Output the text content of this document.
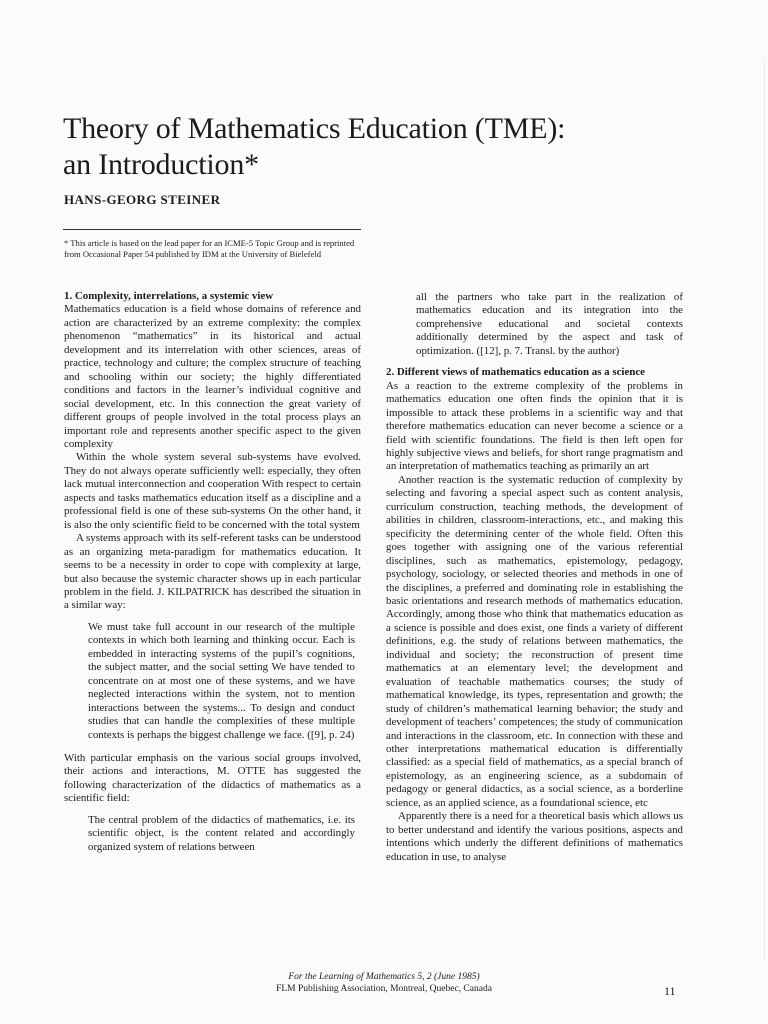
Theory of Mathematics Education (TME):
an Introduction*
HANS-GEORG STEINER
* This article is based on the lead paper for an ICME-5 Topic Group and is reprinted from Occasional Paper 54 published by IDM at the University of Bielefeld
1. Complexity, interrelations, a systemic view

Mathematics education is a field whose domains of reference and action are characterized by an extreme complexity: the complex phenomenon “mathematics” in its historical and actual development and its interrelation with other sciences, areas of practice, technology and culture; the complex structure of teaching and schooling within our society; the highly differentiated conditions and factors in the learner’s individual cognitive and social development, etc. In this connection the great variety of different groups of people involved in the total process plays an important role and represents another specific aspect to the given complexity

Within the whole system several sub-systems have evolved. They do not always operate sufficiently well: especially, they often lack mutual interconnection and cooperation With respect to certain aspects and tasks mathematics education itself as a discipline and a professional field is one of these sub-systems On the other hand, it is also the only scientific field to be concerned with the total system

A systems approach with its self-referent tasks can be understood as an organizing meta-paradigm for mathematics education. It seems to be a necessity in order to cope with complexity at large, but also because the systemic character shows up in each particular problem in the field. J. KILPATRICK has described the situation in a similar way:

We must take full account in our research of the multiple contexts in which both learning and thinking occur. Each is embedded in interacting systems of the pupil’s cognitions, the subject matter, and the social setting We have tended to concentrate on at most one of these systems, and we have neglected interactions within the system, not to mention interactions between the systems... To design and conduct studies that can handle the complexities of these multiple contexts is perhaps the biggest challenge we face. ([9], p. 24)

With particular emphasis on the various social groups involved, their actions and interactions, M. OTTE has suggested the following characterization of the didactics of mathematics as a scientific field:

The central problem of the didactics of mathematics, i.e. its scientific object, is the content related and accordingly organized system of relations between

all the partners who take part in the realization of mathematics education and its integration into the comprehensive educational and societal contexts additionally determined by the aspect and task of optimization. ([12], p. 7. Transl. by the author)

2. Different views of mathematics education as a science

As a reaction to the extreme complexity of the problems in mathematics education one often finds the opinion that it is impossible to attack these problems in a scientific way and that therefore mathematics education can never become a science or a field with scientific foundations. The field is then left open for highly subjective views and beliefs, for short range pragmatism and an interpretation of mathematics teaching as primarily an art

Another reaction is the systematic reduction of complexity by selecting and favoring a special aspect such as content analysis, curriculum construction, teaching methods, the development of abilities in children, classroom-interactions, etc., and making this specificity the determining center of the whole field. Often this goes together with assigning one of the various referential disciplines, such as mathematics, epistemology, pedagogy, psychology, sociology, or selected theories and methods in one of the disciplines, a preferred and dominating role in establishing the basic orientations and research methods of mathematics education. Accordingly, among those who think that mathematics education as a science is possible and does exist, one finds a variety of different definitions, e.g. the study of relations between mathematics, the individual and society; the reconstruction of present time mathematics at an elementary level; the development and evaluation of teachable mathematics courses; the study of mathematical knowledge, its types, representation and growth; the study of children’s mathematical learning behavior; the study and development of teachers’ competences; the study of communication and interactions in the classroom, etc. In connection with these and other interpretations mathematical education is differentially classified: as a special field of mathematics, as a special branch of epistemology, as an engineering science, as a subdomain of pedagogy or general didactics, as a social science, as a borderline science, as an applied science, as a foundational science, etc

Apparently there is a need for a theoretical basis which allows us to better understand and identify the various positions, aspects and intentions which underly the different definitions of mathematics education in use, to analyse

For the Learning of Mathematics 5, 2 (June 1985)
FLM Publishing Association, Montreal, Quebec, Canada	11
